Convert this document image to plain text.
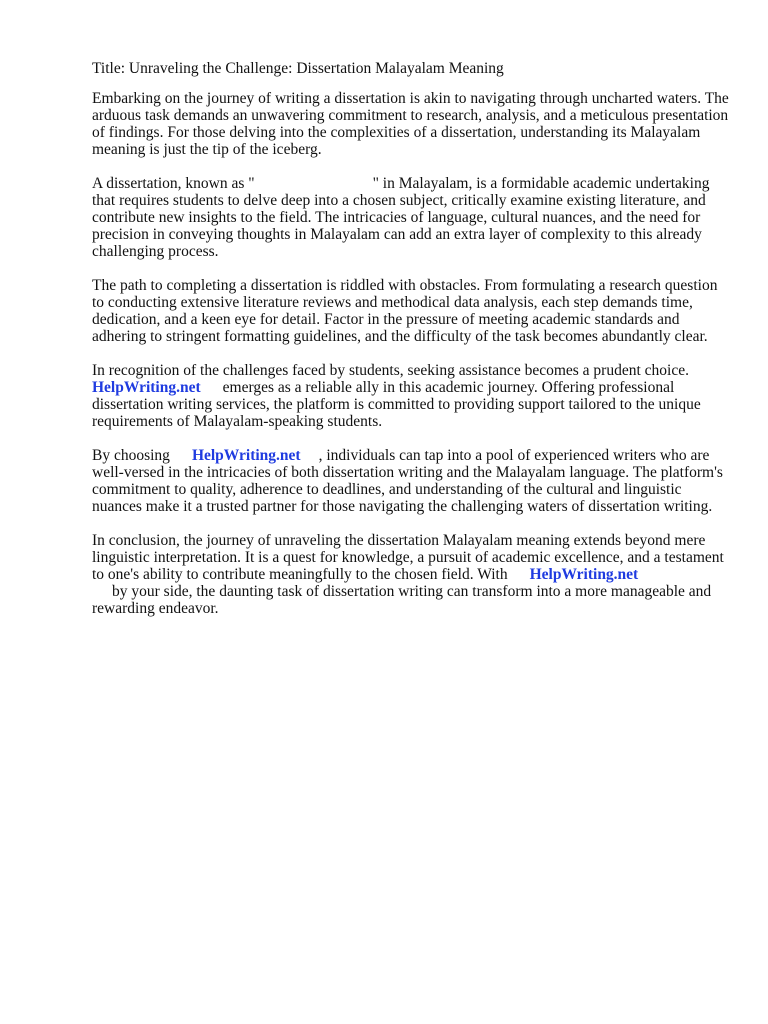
Title: Unraveling the Challenge: Dissertation Malayalam Meaning

Embarking on the journey of writing a dissertation is akin to navigating through uncharted waters. The arduous task demands an unwavering commitment to research, analysis, and a meticulous presentation of findings. For those delving into the complexities of a dissertation, understanding its Malayalam meaning is just the tip of the iceberg.

A dissertation, known as "	" in Malayalam, is a formidable academic undertaking that requires students to delve deep into a chosen subject, critically examine existing literature, and contribute new insights to the field. The intricacies of language, cultural nuances, and the need for precision in conveying thoughts in Malayalam can add an extra layer of complexity to this already challenging process.

The path to completing a dissertation is riddled with obstacles. From formulating a research question to conducting extensive literature reviews and methodical data analysis, each step demands time, dedication, and a keen eye for detail. Factor in the pressure of meeting academic standards and adhering to stringent formatting guidelines, and the difficulty of the task becomes abundantly clear.

In recognition of the challenges faced by students, seeking assistance becomes a prudent choice.
HelpWriting.net emerges as a reliable ally in this academic journey. Offering professional dissertation writing services, the platform is committed to providing support tailored to the unique requirements of Malayalam-speaking students.

By choosing HelpWriting.net , individuals can tap into a pool of experienced writers who are well-versed in the intricacies of both dissertation writing and the Malayalam language. The platform's commitment to quality, adherence to deadlines, and understanding of the cultural and linguistic nuances make it a trusted partner for those navigating the challenging waters of dissertation writing.

In conclusion, the journey of unraveling the dissertation Malayalam meaning extends beyond mere linguistic interpretation. It is a quest for knowledge, a pursuit of academic excellence, and a testament to one's ability to contribute meaningfully to the chosen field. With HelpWriting.net
by your side, the daunting task of dissertation writing can transform into a more manageable and rewarding endeavor.
